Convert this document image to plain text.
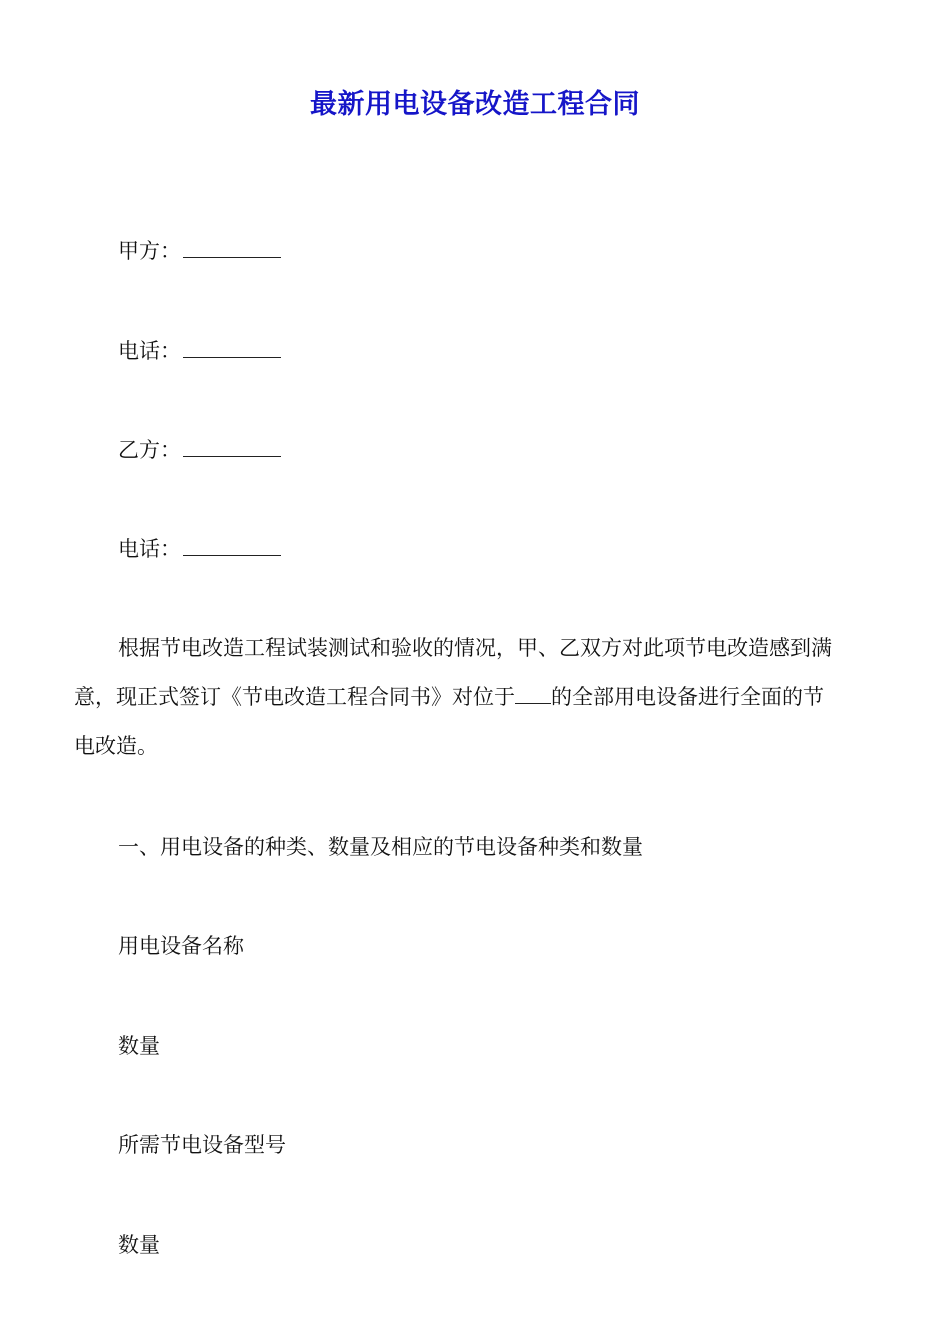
最新用电设备改造工程合同
甲方：
电话：
乙方：
电话：
根据节电改造工程试装测试和验收的情况，甲、乙双方对此项节电改造感到满
意，现正式签订《节电改造工程合同书》对位于 的全部用电设备进行全面的节
电改造。
一、用电设备的种类、数量及相应的节电设备种类和数量
用电设备名称
数量
所需节电设备型号
数量
